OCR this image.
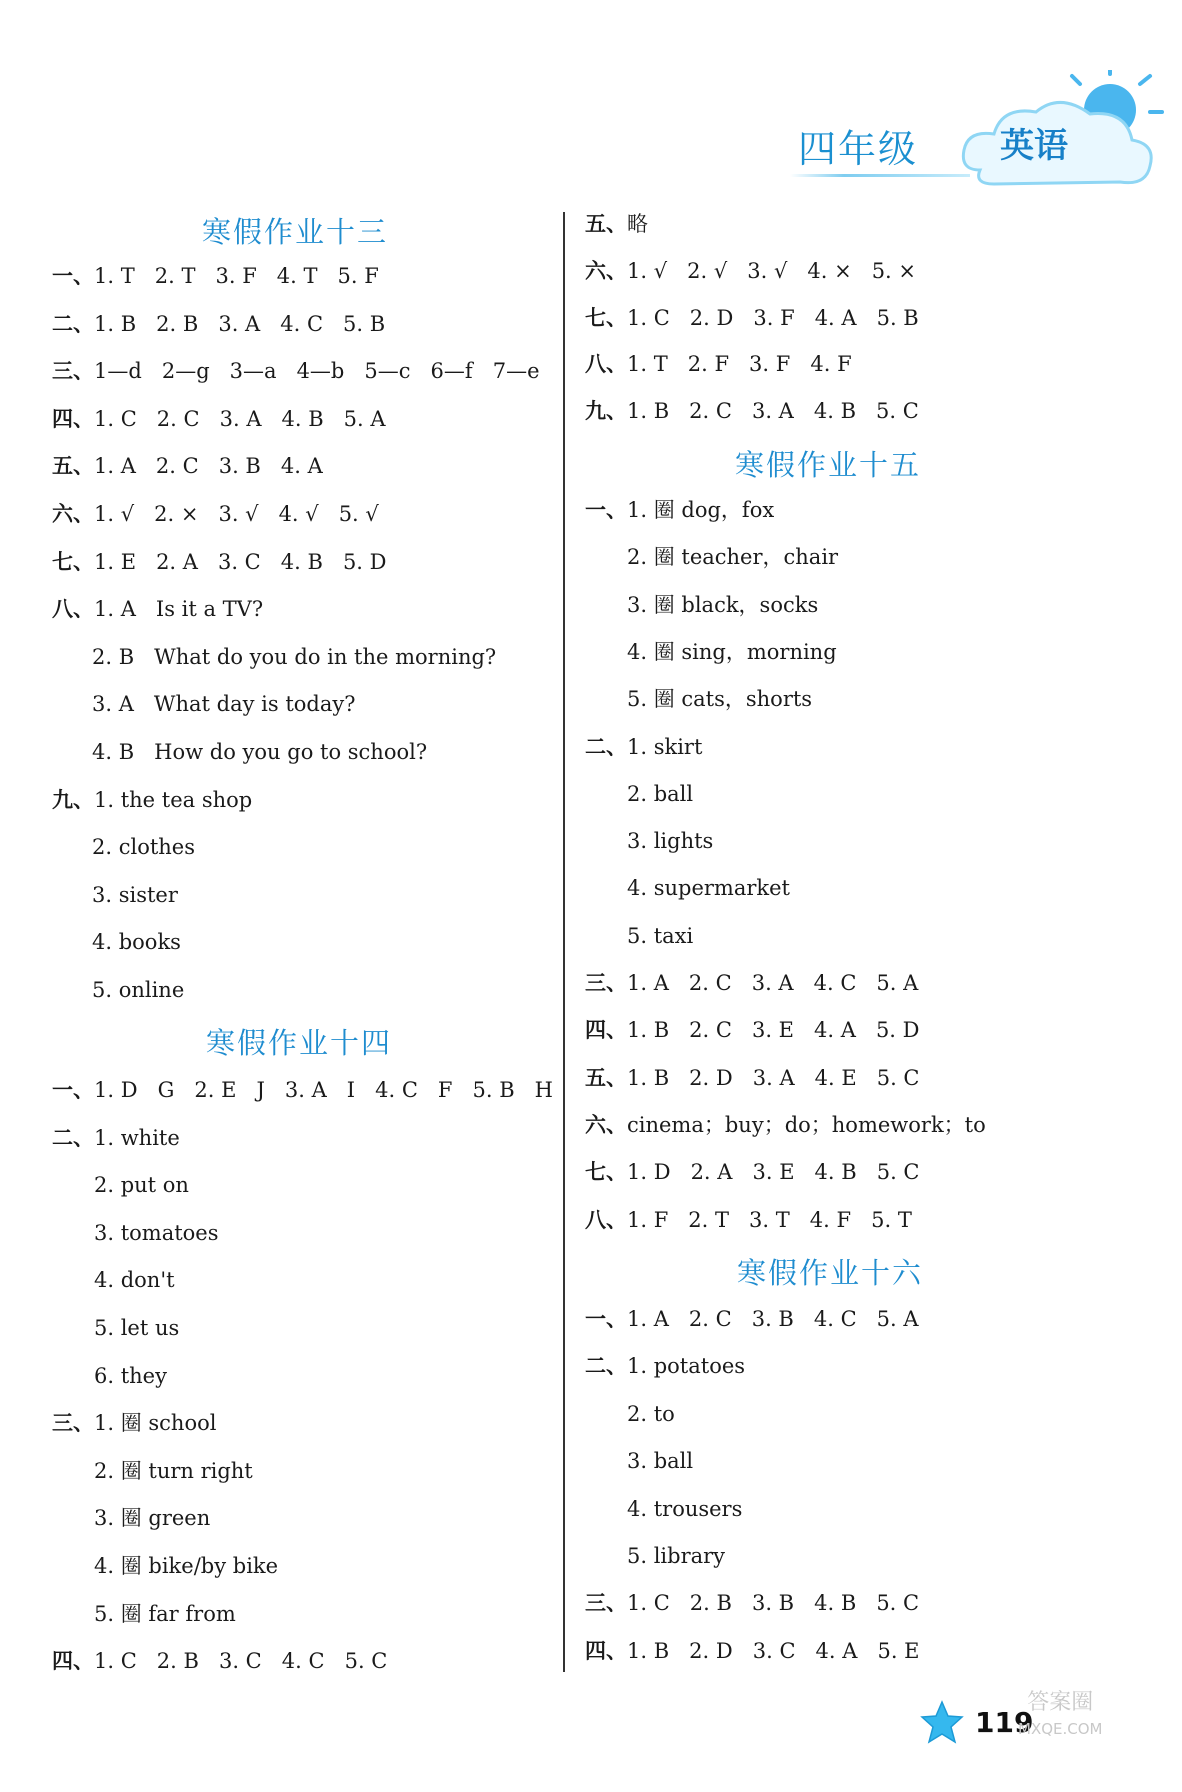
四年级 英语
寒假作业十三
一、1. T   2. T   3. F   4. T   5. F
二、1. B   2. B   3. A   4. C   5. B
三、1—d   2—g   3—a   4—b   5—c   6—f   7—e
四、1. C   2. C   3. A   4. B   5. A
五、1. A   2. C   3. B   4. A
六、1. √   2. ×   3. √   4. √   5. √
七、1. E   2. A   3. C   4. B   5. D
八、1. A   Is it a TV?
2. B   What do you do in the morning?
3. A   What day is today?
4. B   How do you go to school?
九、1. the tea shop
2. clothes
3. sister
4. books
5. online
寒假作业十四
一、1. D   G   2. E   J   3. A   I   4. C   F   5. B   H
二、1. white
2. put on
3. tomatoes
4. don't
5. let us
6. they
三、1. 圈 school
2. 圈 turn right
3. 圈 green
4. 圈 bike/by bike
5. 圈 far from
四、1. C   2. B   3. C   4. C   5. C
五、略
六、1. √   2. √   3. √   4. ×   5. ×
七、1. C   2. D   3. F   4. A   5. B
八、1. T   2. F   3. F   4. F
九、1. B   2. C   3. A   4. B   5. C
寒假作业十五
一、1. 圈 dog，fox
2. 圈 teacher，chair
3. 圈 black，socks
4. 圈 sing，morning
5. 圈 cats，shorts
二、1. skirt
2. ball
3. lights
4. supermarket
5. taxi
三、1. A   2. C   3. A   4. C   5. A
四、1. B   2. C   3. E   4. A   5. D
五、1. B   2. D   3. A   4. E   5. C
六、cinema；buy；do；homework；to
七、1. D   2. A   3. E   4. B   5. C
八、1. F   2. T   3. T   4. F   5. T
寒假作业十六
一、1. A   2. C   3. B   4. C   5. A
二、1. potatoes
2. to
3. ball
4. trousers
5. library
三、1. C   2. B   3. B   4. B   5. C
四、1. B   2. D   3. C   4. A   5. E
119
答案圈
MXQE.COM
